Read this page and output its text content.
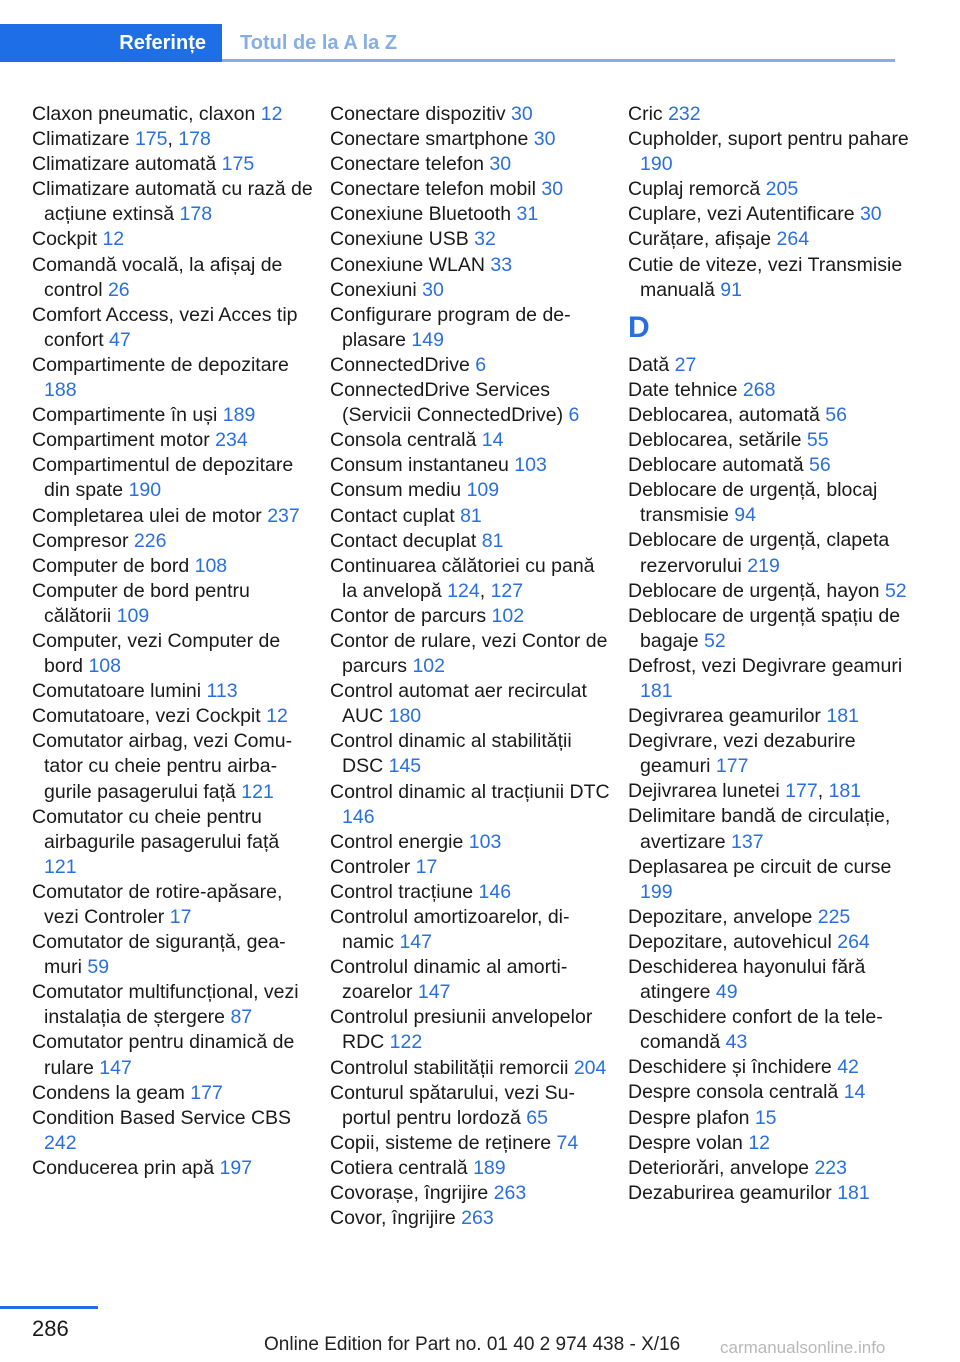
Referințe	Totul de la A la Z
Claxon pneumatic, claxon 12
Climatizare 175, 178
Climatizare automată 175
Climatizare automată cu rază de acțiune extinsă 178
Cockpit 12
Comandă vocală, la afișaj de control 26
Comfort Access, vezi Acces tip confort 47
Compartimente de depozitare 188
Compartimente în uși 189
Compartiment motor 234
Compartimentul de depozitare din spate 190
Completarea ulei de motor 237
Compresor 226
Computer de bord 108
Computer de bord pentru călătorii 109
Computer, vezi Computer de bord 108
Comutatoare lumini 113
Comutatoare, vezi Cockpit 12
Comutator airbag, vezi Comutator cu cheie pentru airbagurile pasagerului față 121
Comutator cu cheie pentru airbagurile pasagerului față 121
Comutator de rotire-apăsare, vezi Controler 17
Comutator de siguranță, geamuri 59
Comutator multifuncțional, vezi instalația de ștergere 87
Comutator pentru dinamică de rulare 147
Condens la geam 177
Condition Based Service CBS 242
Conducerea prin apă 197
Conectare dispozitiv 30
Conectare smartphone 30
Conectare telefon 30
Conectare telefon mobil 30
Conexiune Bluetooth 31
Conexiune USB 32
Conexiune WLAN 33
Conexiuni 30
Configurare program de deplasare 149
ConnectedDrive 6
ConnectedDrive Services (Servicii ConnectedDrive) 6
Consola centrală 14
Consum instantaneu 103
Consum mediu 109
Contact cuplat 81
Contact decuplat 81
Continuarea călătoriei cu pană la anvelopă 124, 127
Contor de parcurs 102
Contor de rulare, vezi Contor de parcurs 102
Control automat aer recirculat AUC 180
Control dinamic al stabilității DSC 145
Control dinamic al tracțiunii DTC 146
Control energie 103
Controler 17
Control tracțiune 146
Controlul amortizoarelor, dinamic 147
Controlul dinamic al amortizoarelor 147
Controlul presiunii anvelopelor RDC 122
Controlul stabilității remorcii 204
Conturul spătarului, vezi Suportul pentru lordoză 65
Copii, sisteme de reținere 74
Cotiera centrală 189
Covorașe, îngrijire 263
Covor, îngrijire 263
Cric 232
Cupholder, suport pentru pahare 190
Cuplaj remorcă 205
Cuplare, vezi Autentificare 30
Curățare, afișaje 264
Cutie de viteze, vezi Transmisie manuală 91
D
Dată 27
Date tehnice 268
Deblocarea, automată 56
Deblocarea, setările 55
Deblocare automată 56
Deblocare de urgență, blocaj transmisie 94
Deblocare de urgență, clapeta rezervorului 219
Deblocare de urgență, hayon 52
Deblocare de urgență spațiu de bagaje 52
Defrost, vezi Degivrare geamuri 181
Degivrarea geamurilor 181
Degivrare, vezi dezaburire geamuri 177
Dejivrarea lunetei 177, 181
Delimitare bandă de circulație, avertizare 137
Deplasarea pe circuit de curse 199
Depozitare, anvelope 225
Depozitare, autovehicul 264
Deschiderea hayonului fără atingere 49
Deschidere confort de la telecomandă 43
Deschidere și închidere 42
Despre consola centrală 14
Despre plafon 15
Despre volan 12
Deteriorări, anvelope 223
Dezaburirea geamurilor 181
286
Online Edition for Part no. 01 40 2 974 438 - X/16 carmanualsonline.info
